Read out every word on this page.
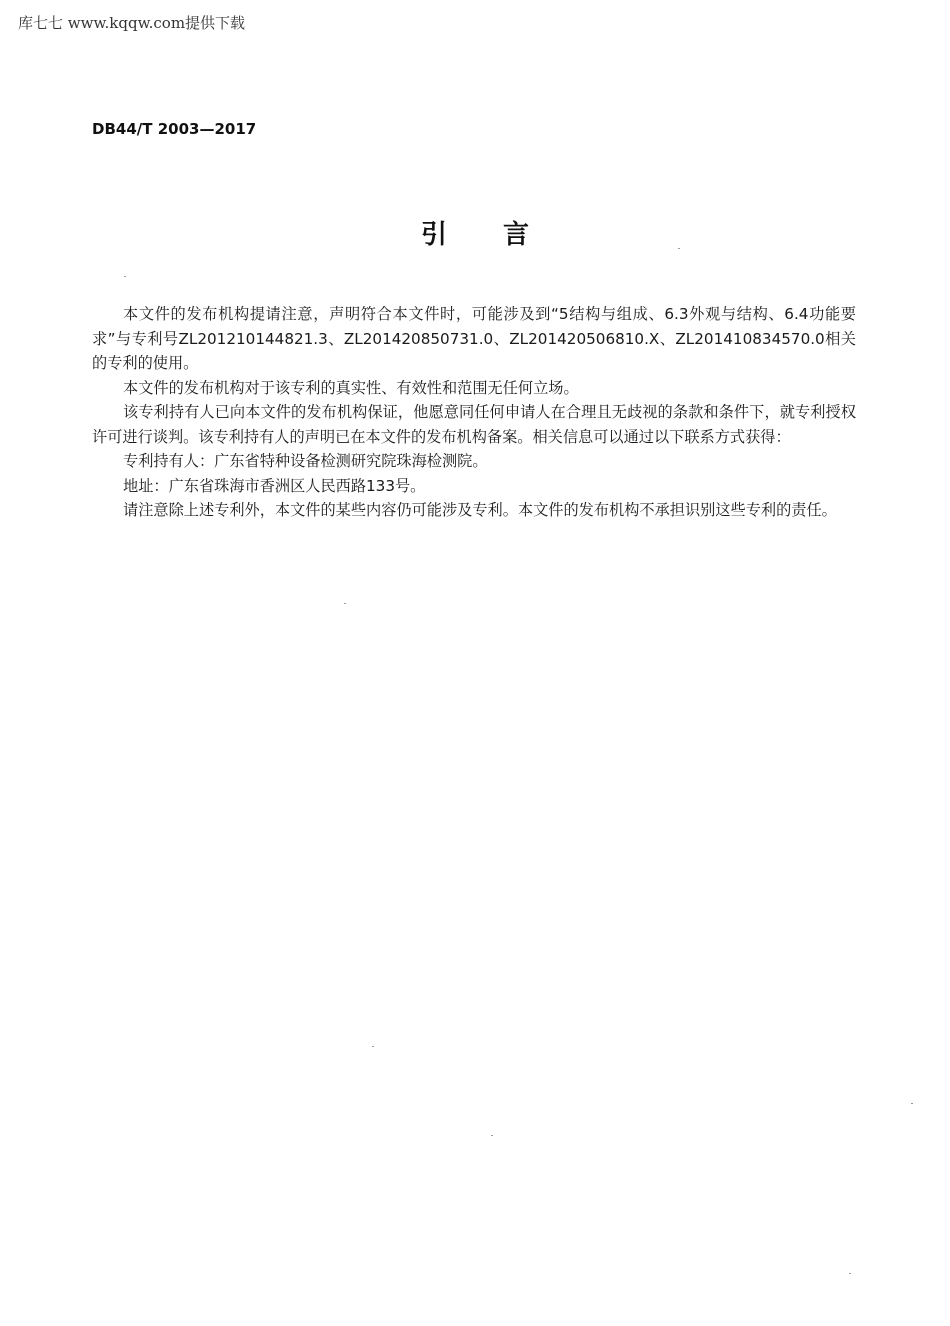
库七七 www.kqqw.com提供下载
DB44/T 2003—2017
引言

本文件的发布机构提请注意，声明符合本文件时，可能涉及到“5结构与组成、6.3外观与结构、6.4功能要求”与专利号ZL201210144821.3、ZL201420850731.0、ZL201420506810.X、ZL201410834570.0相关的专利的使用。

本文件的发布机构对于该专利的真实性、有效性和范围无任何立场。

该专利持有人已向本文件的发布机构保证，他愿意同任何申请人在合理且无歧视的条款和条件下，就专利授权许可进行谈判。该专利持有人的声明已在本文件的发布机构备案。相关信息可以通过以下联系方式获得：

专利持有人：广东省特种设备检测研究院珠海检测院。

地址：广东省珠海市香洲区人民西路133号。

请注意除上述专利外，本文件的某些内容仍可能涉及专利。本文件的发布机构不承担识别这些专利的责任。
